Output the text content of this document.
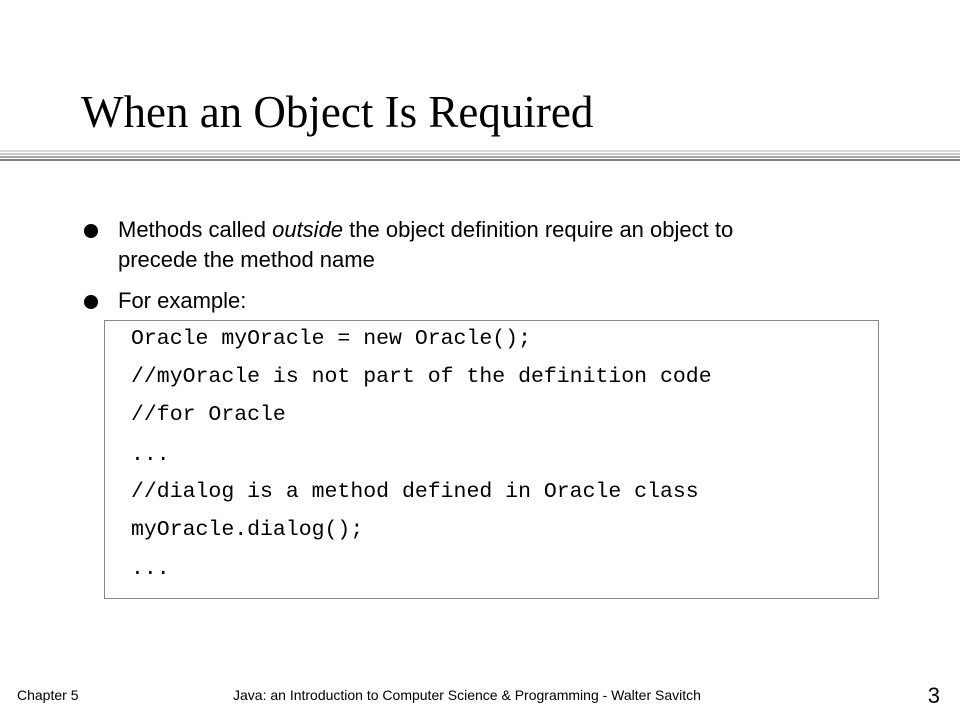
When an Object Is Required
Methods called outside the object definition require an object to
precede the method name
For example:
Oracle myOracle = new Oracle();
//myOracle is not part of the definition code
//for Oracle
...
//dialog is a method defined in Oracle class
myOracle.dialog();
...
Chapter 5	Java: an Introduction to Computer Science & Programming - Walter Savitch	3
